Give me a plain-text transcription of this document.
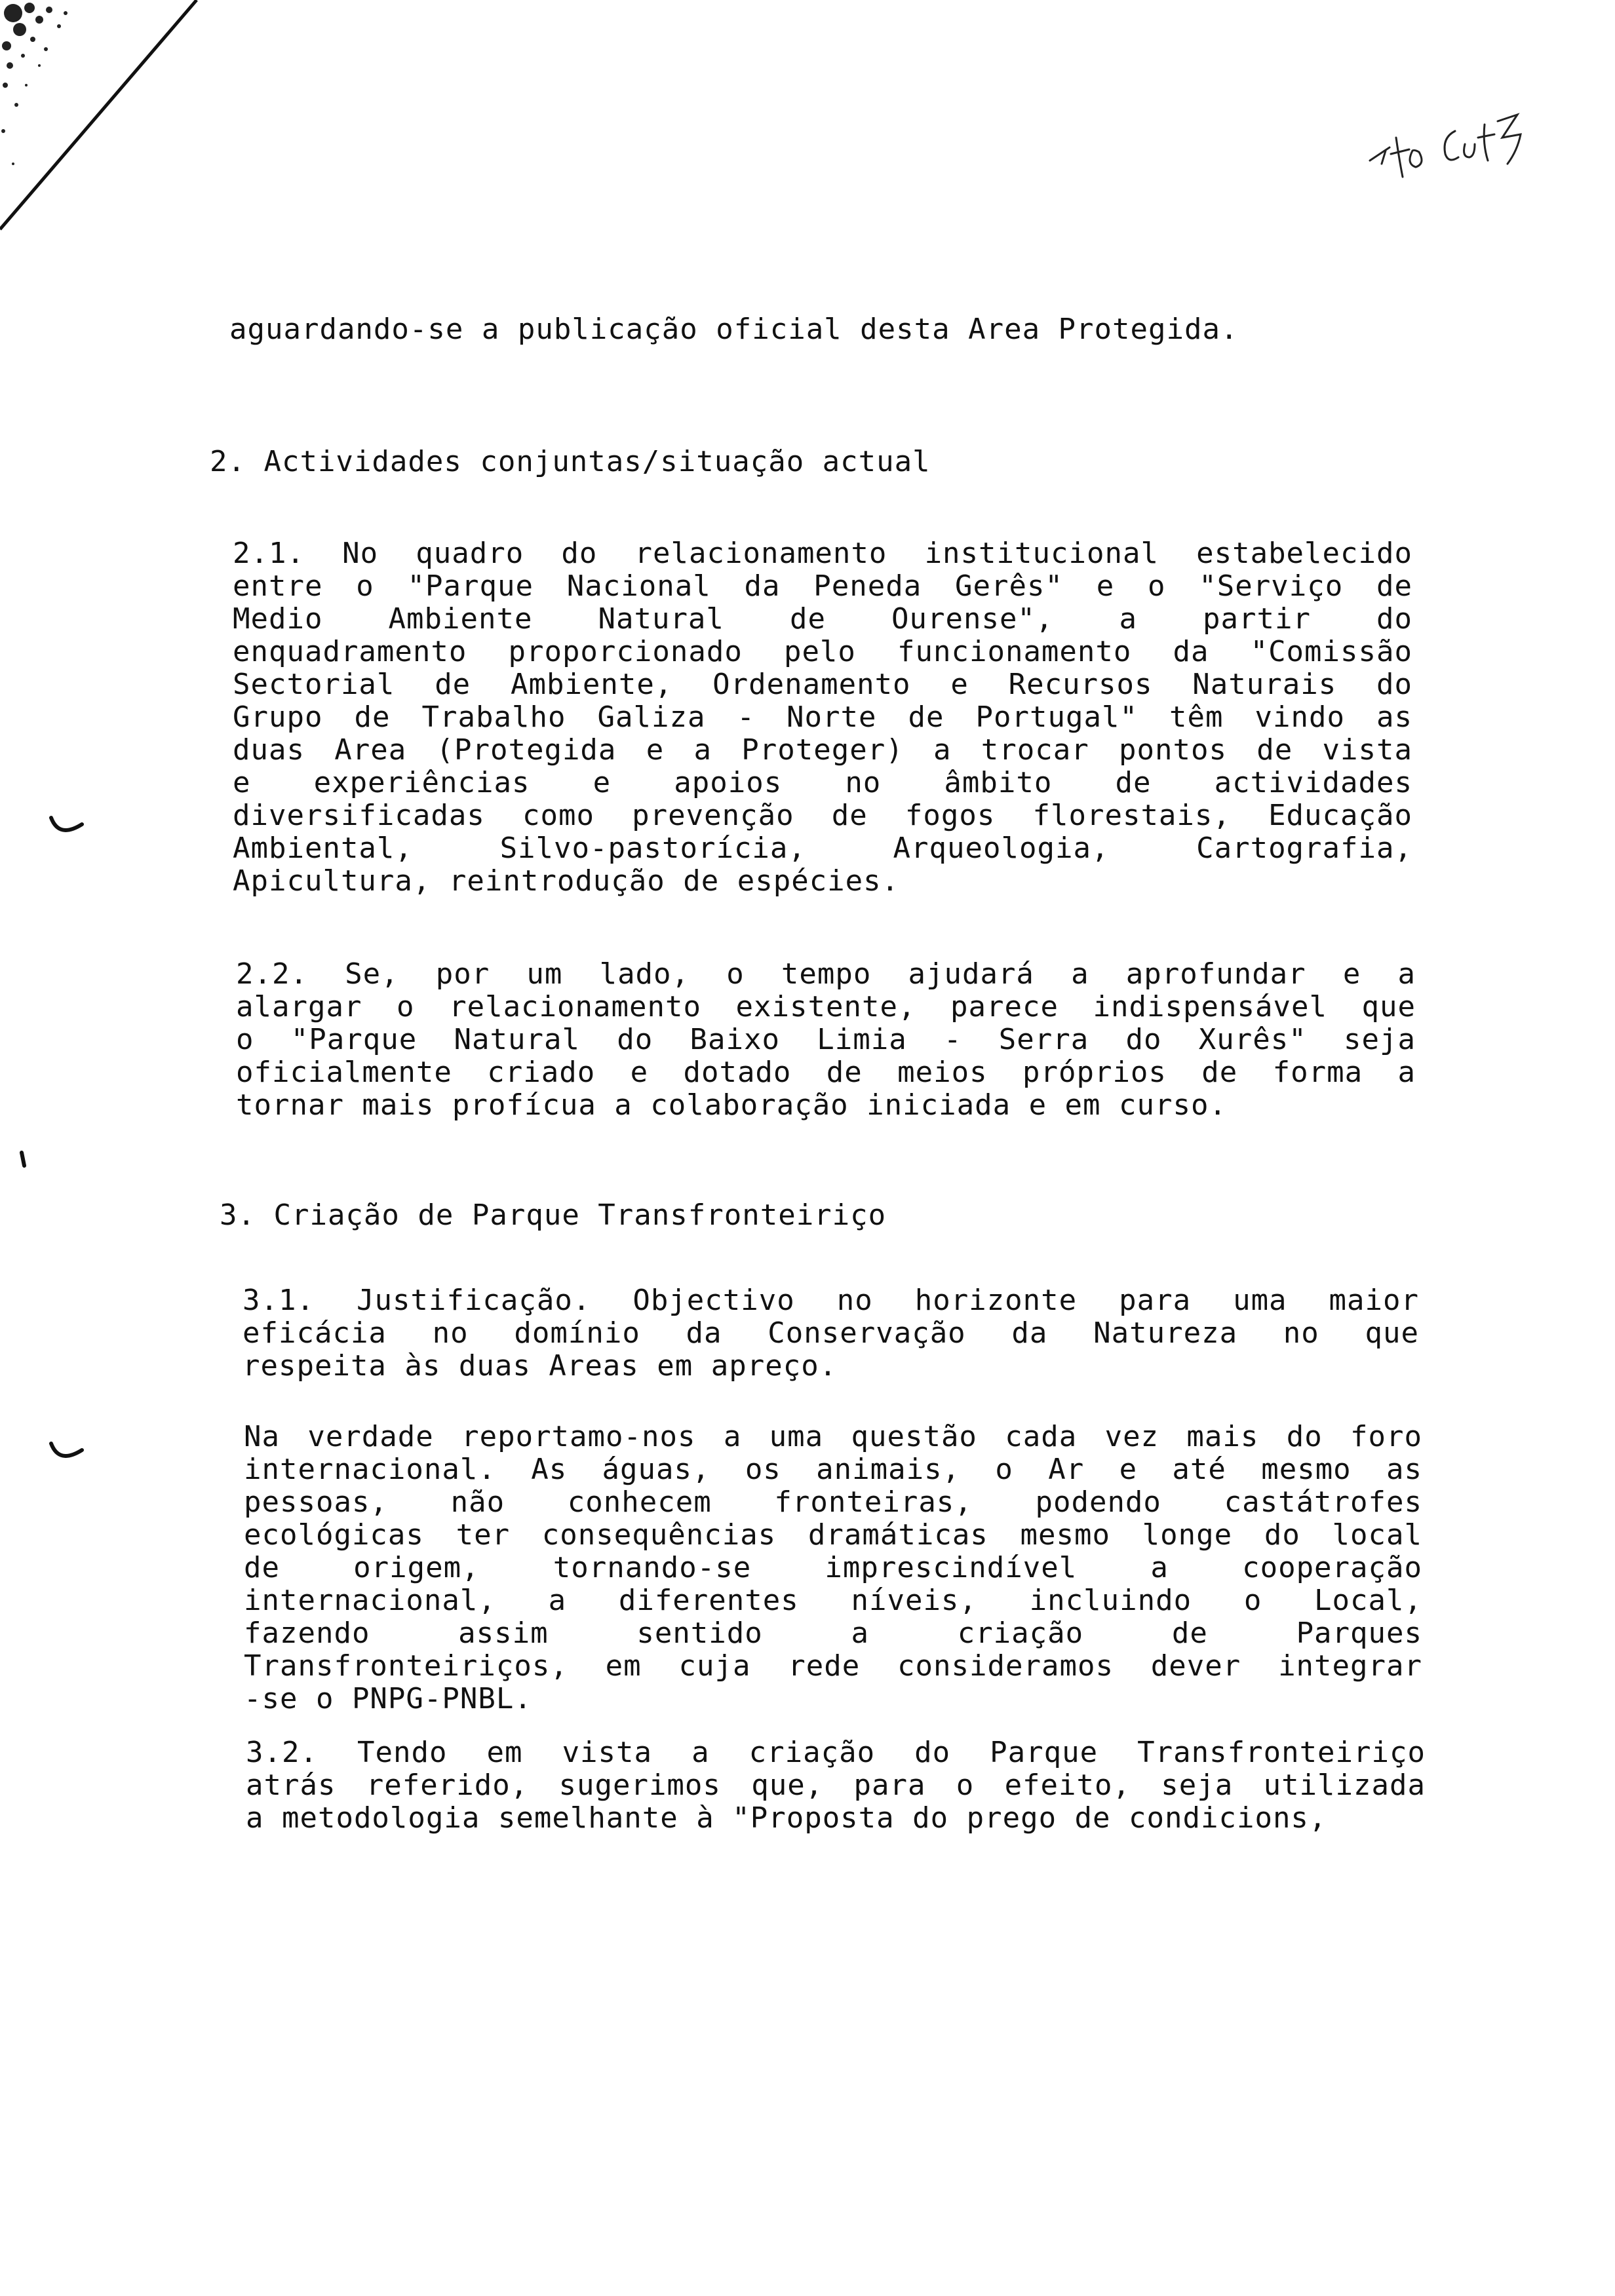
aguardando-se a publicação oficial desta Area Protegida.

2. Actividades conjuntas/situação actual
2.1. No quadro do relacionamento institucional estabelecido
entre o "Parque Nacional da Peneda Gerês" e o "Serviço de
Medio Ambiente Natural de Ourense", a partir do
enquadramento proporcionado pelo funcionamento da "Comissão
Sectorial de Ambiente, Ordenamento e Recursos Naturais do
Grupo de Trabalho Galiza - Norte de Portugal" têm vindo as
duas Area (Protegida e a Proteger) a trocar pontos de vista
e experiências e apoios no âmbito de actividades
diversificadas como prevenção de fogos florestais, Educação
Ambiental, Silvo-pastorícia, Arqueologia, Cartografia,
Apicultura, reintrodução de espécies.
2.2. Se, por um lado, o tempo ajudará a aprofundar e a
alargar o relacionamento existente, parece indispensável que
o "Parque Natural do Baixo Limia - Serra do Xurês" seja
oficialmente criado e dotado de meios próprios de forma a
tornar mais profícua a colaboração iniciada e em curso.
3. Criação de Parque Transfronteiriço
3.1. Justificação. Objectivo no horizonte para uma maior
eficácia no domínio da Conservação da Natureza no que
respeita às duas Areas em apreço.
Na verdade reportamo-nos a uma questão cada vez mais do foro
internacional. As águas, os animais, o Ar e até mesmo as
pessoas, não conhecem fronteiras, podendo castátrofes
ecológicas ter consequências dramáticas mesmo longe do local
de origem, tornando-se imprescindível a cooperação
internacional, a diferentes níveis, incluindo o Local,
fazendo assim sentido a criação de Parques
Transfronteiriços, em cuja rede consideramos dever integrar
-se o PNPG-PNBL.
3.2. Tendo em vista a criação do Parque Transfronteiriço
atrás referido, sugerimos que, para o efeito, seja utilizada
a metodologia semelhante à "Proposta do prego de condicions,
